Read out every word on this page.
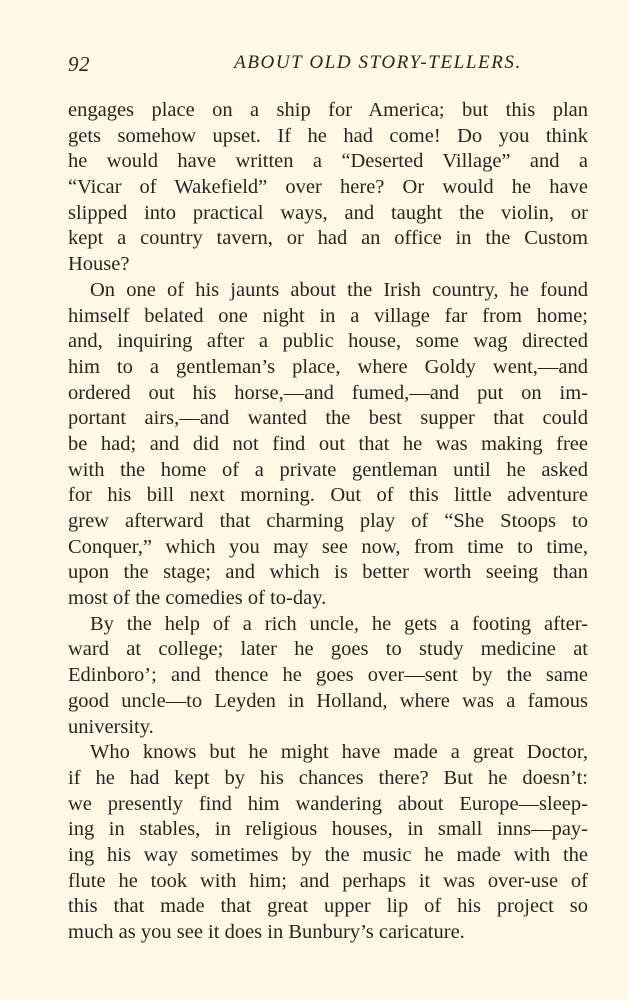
92	ABOUT OLD STORY-TELLERS.
engages place on a ship for America; but this plan
gets somehow upset. If he had come! Do you think
he would have written a “Deserted Village” and a
“Vicar of Wakefield” over here? Or would he have
slipped into practical ways, and taught the violin, or
kept a country tavern, or had an office in the Custom
House?
On one of his jaunts about the Irish country, he found
himself belated one night in a village far from home;
and, inquiring after a public house, some wag directed
him to a gentleman’s place, where Goldy went,—and
ordered out his horse,—and fumed,—and put on im-
portant airs,—and wanted the best supper that could
be had; and did not find out that he was making free
with the home of a private gentleman until he asked
for his bill next morning. Out of this little adventure
grew afterward that charming play of “She Stoops to
Conquer,” which you may see now, from time to time,
upon the stage; and which is better worth seeing than
most of the comedies of to-day.
By the help of a rich uncle, he gets a footing after-
ward at college; later he goes to study medicine at
Edinboro’; and thence he goes over—sent by the same
good uncle—to Leyden in Holland, where was a famous
university.
Who knows but he might have made a great Doctor,
if he had kept by his chances there? But he doesn’t:
we presently find him wandering about Europe—sleep-
ing in stables, in religious houses, in small inns—pay-
ing his way sometimes by the music he made with the
flute he took with him; and perhaps it was over-use of
this that made that great upper lip of his project so
much as you see it does in Bunbury’s caricature.
